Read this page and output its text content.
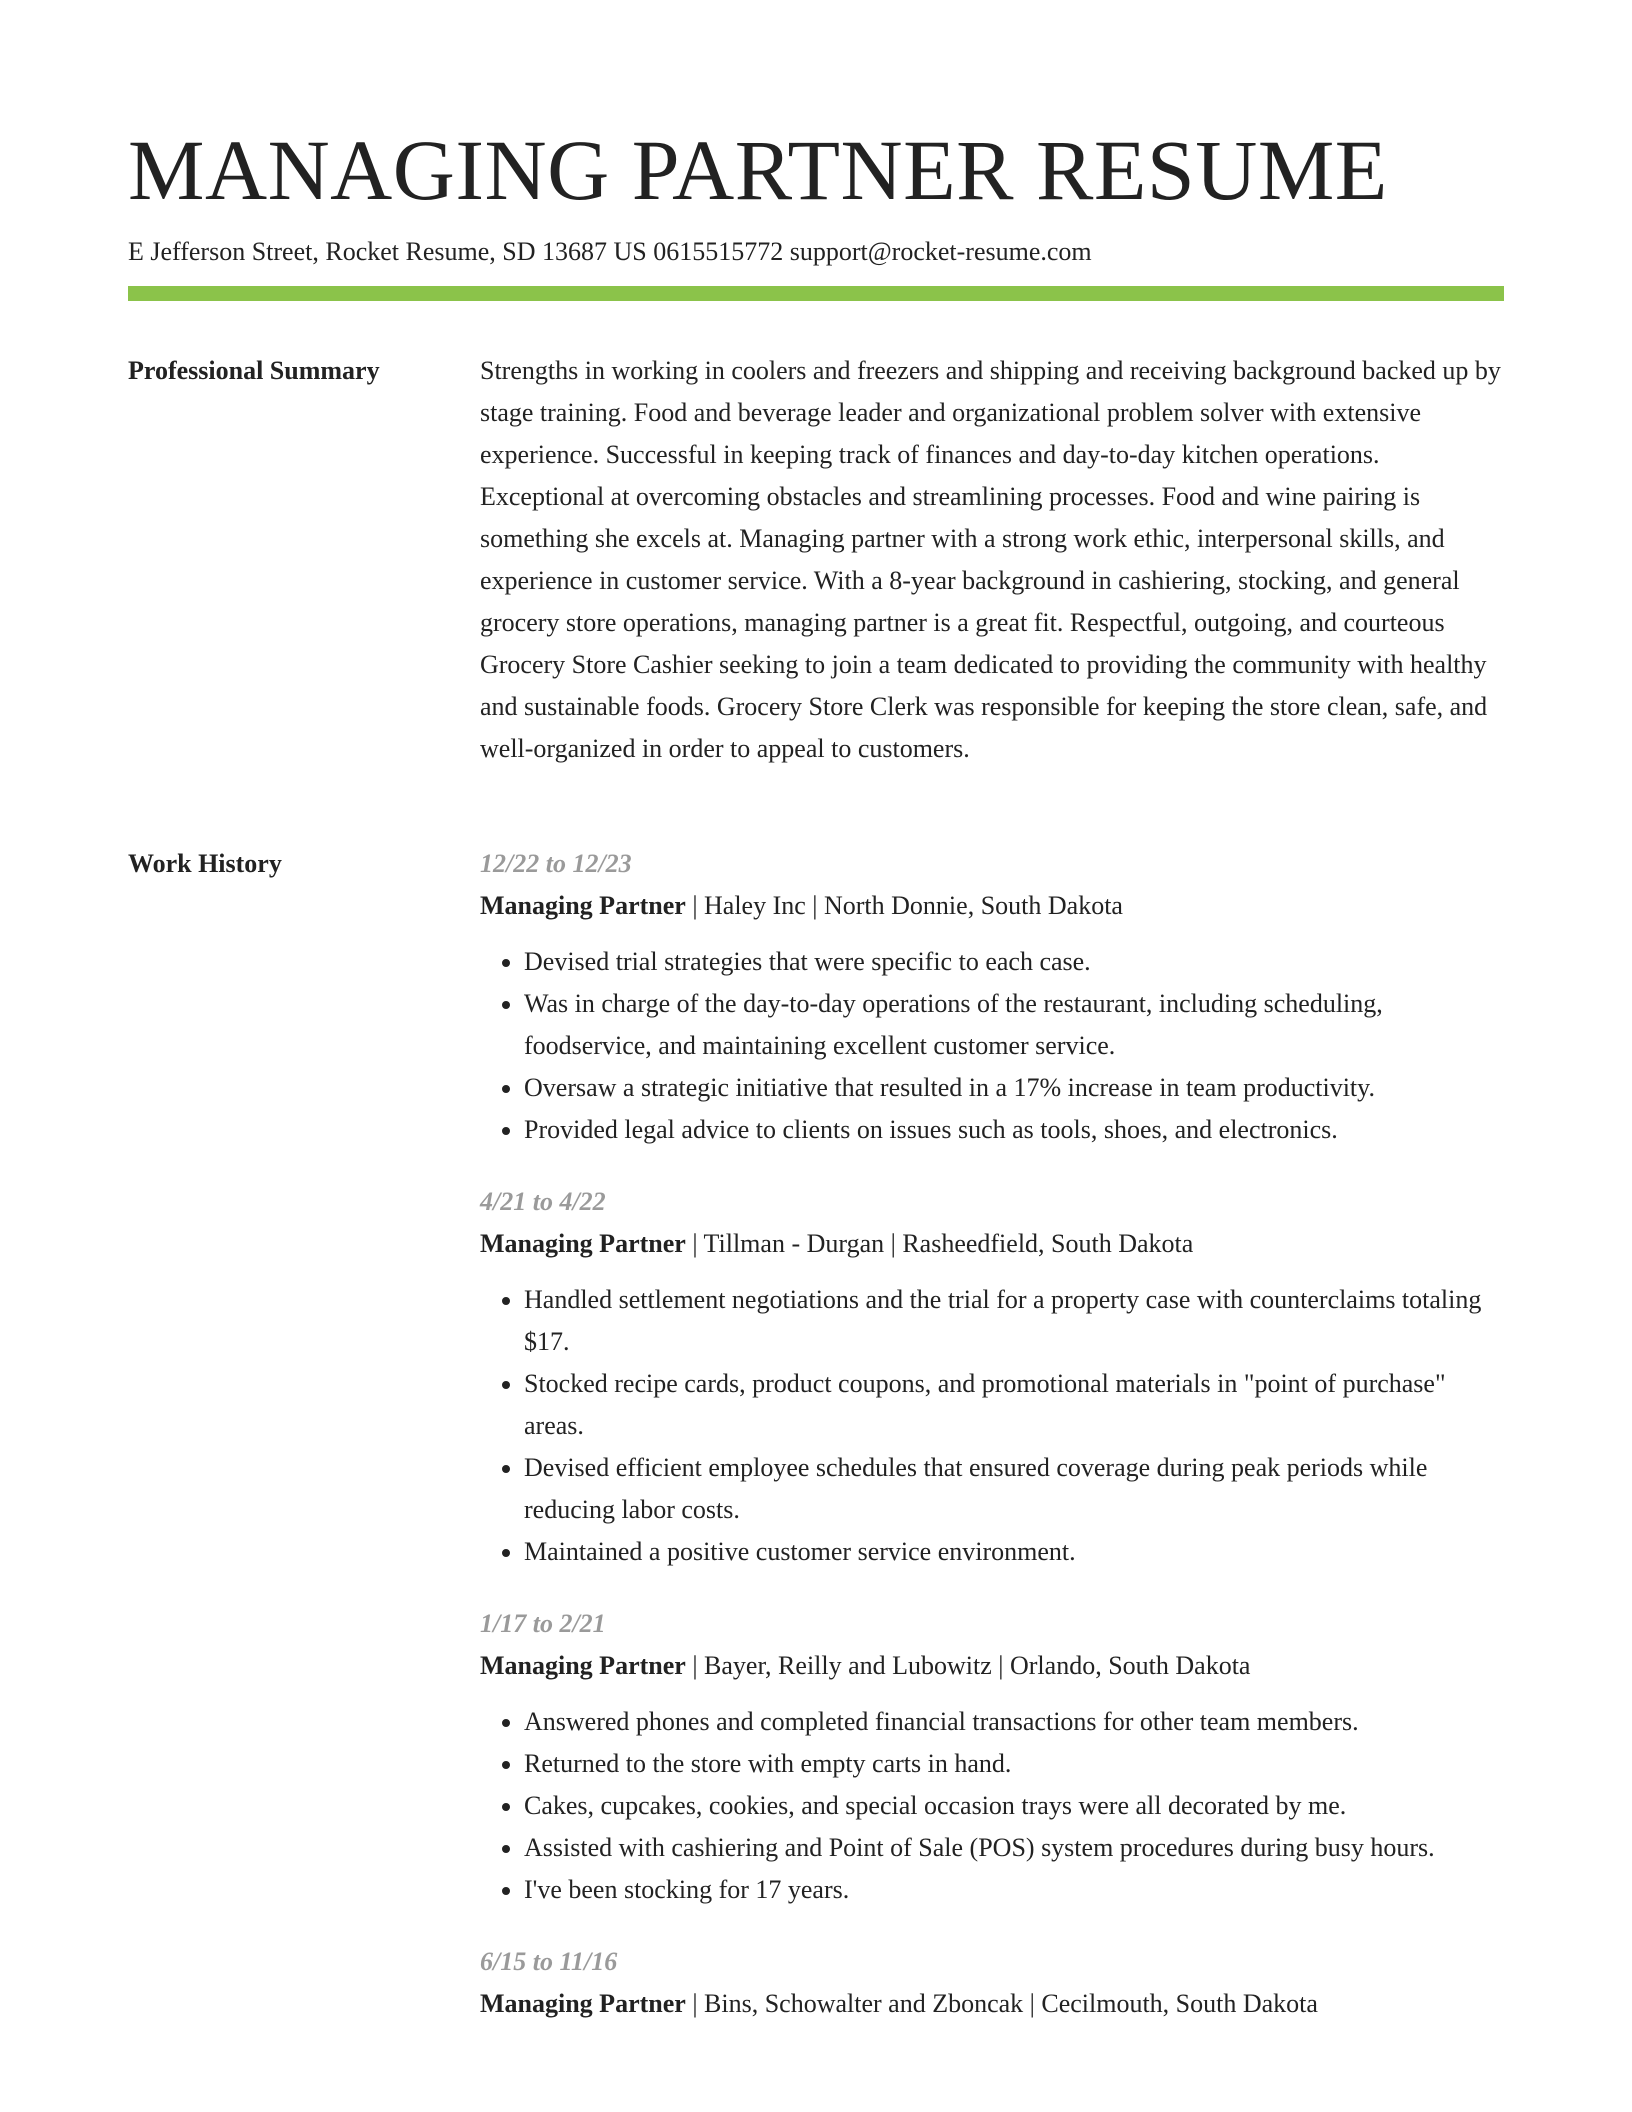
MANAGING PARTNER RESUME
E Jefferson Street, Rocket Resume, SD 13687 US 0615515772 support@rocket-resume.com
Professional Summary	Strengths in working in coolers and freezers and shipping and receiving background backed up by stage training. Food and beverage leader and organizational problem solver with extensive experience. Successful in keeping track of finances and day-to-day kitchen operations. Exceptional at overcoming obstacles and streamlining processes. Food and wine pairing is something she excels at. Managing partner with a strong work ethic, interpersonal skills, and experience in customer service. With a 8-year background in cashiering, stocking, and general grocery store operations, managing partner is a great fit. Respectful, outgoing, and courteous Grocery Store Cashier seeking to join a team dedicated to providing the community with healthy and sustainable foods. Grocery Store Clerk was responsible for keeping the store clean, safe, and well-organized in order to appeal to customers.

Work History	12/22 to 12/23
Managing Partner | Haley Inc | North Donnie, South Dakota
• Devised trial strategies that were specific to each case.
• Was in charge of the day-to-day operations of the restaurant, including scheduling, foodservice, and maintaining excellent customer service.
• Oversaw a strategic initiative that resulted in a 17% increase in team productivity.
• Provided legal advice to clients on issues such as tools, shoes, and electronics.
4/21 to 4/22
Managing Partner | Tillman - Durgan | Rasheedfield, South Dakota
• Handled settlement negotiations and the trial for a property case with counterclaims totaling $17.
• Stocked recipe cards, product coupons, and promotional materials in "point of purchase" areas.
• Devised efficient employee schedules that ensured coverage during peak periods while reducing labor costs.
• Maintained a positive customer service environment.
1/17 to 2/21
Managing Partner | Bayer, Reilly and Lubowitz | Orlando, South Dakota
• Answered phones and completed financial transactions for other team members.
• Returned to the store with empty carts in hand.
• Cakes, cupcakes, cookies, and special occasion trays were all decorated by me.
• Assisted with cashiering and Point of Sale (POS) system procedures during busy hours.
• I've been stocking for 17 years.
6/15 to 11/16
Managing Partner | Bins, Schowalter and Zboncak | Cecilmouth, South Dakota
